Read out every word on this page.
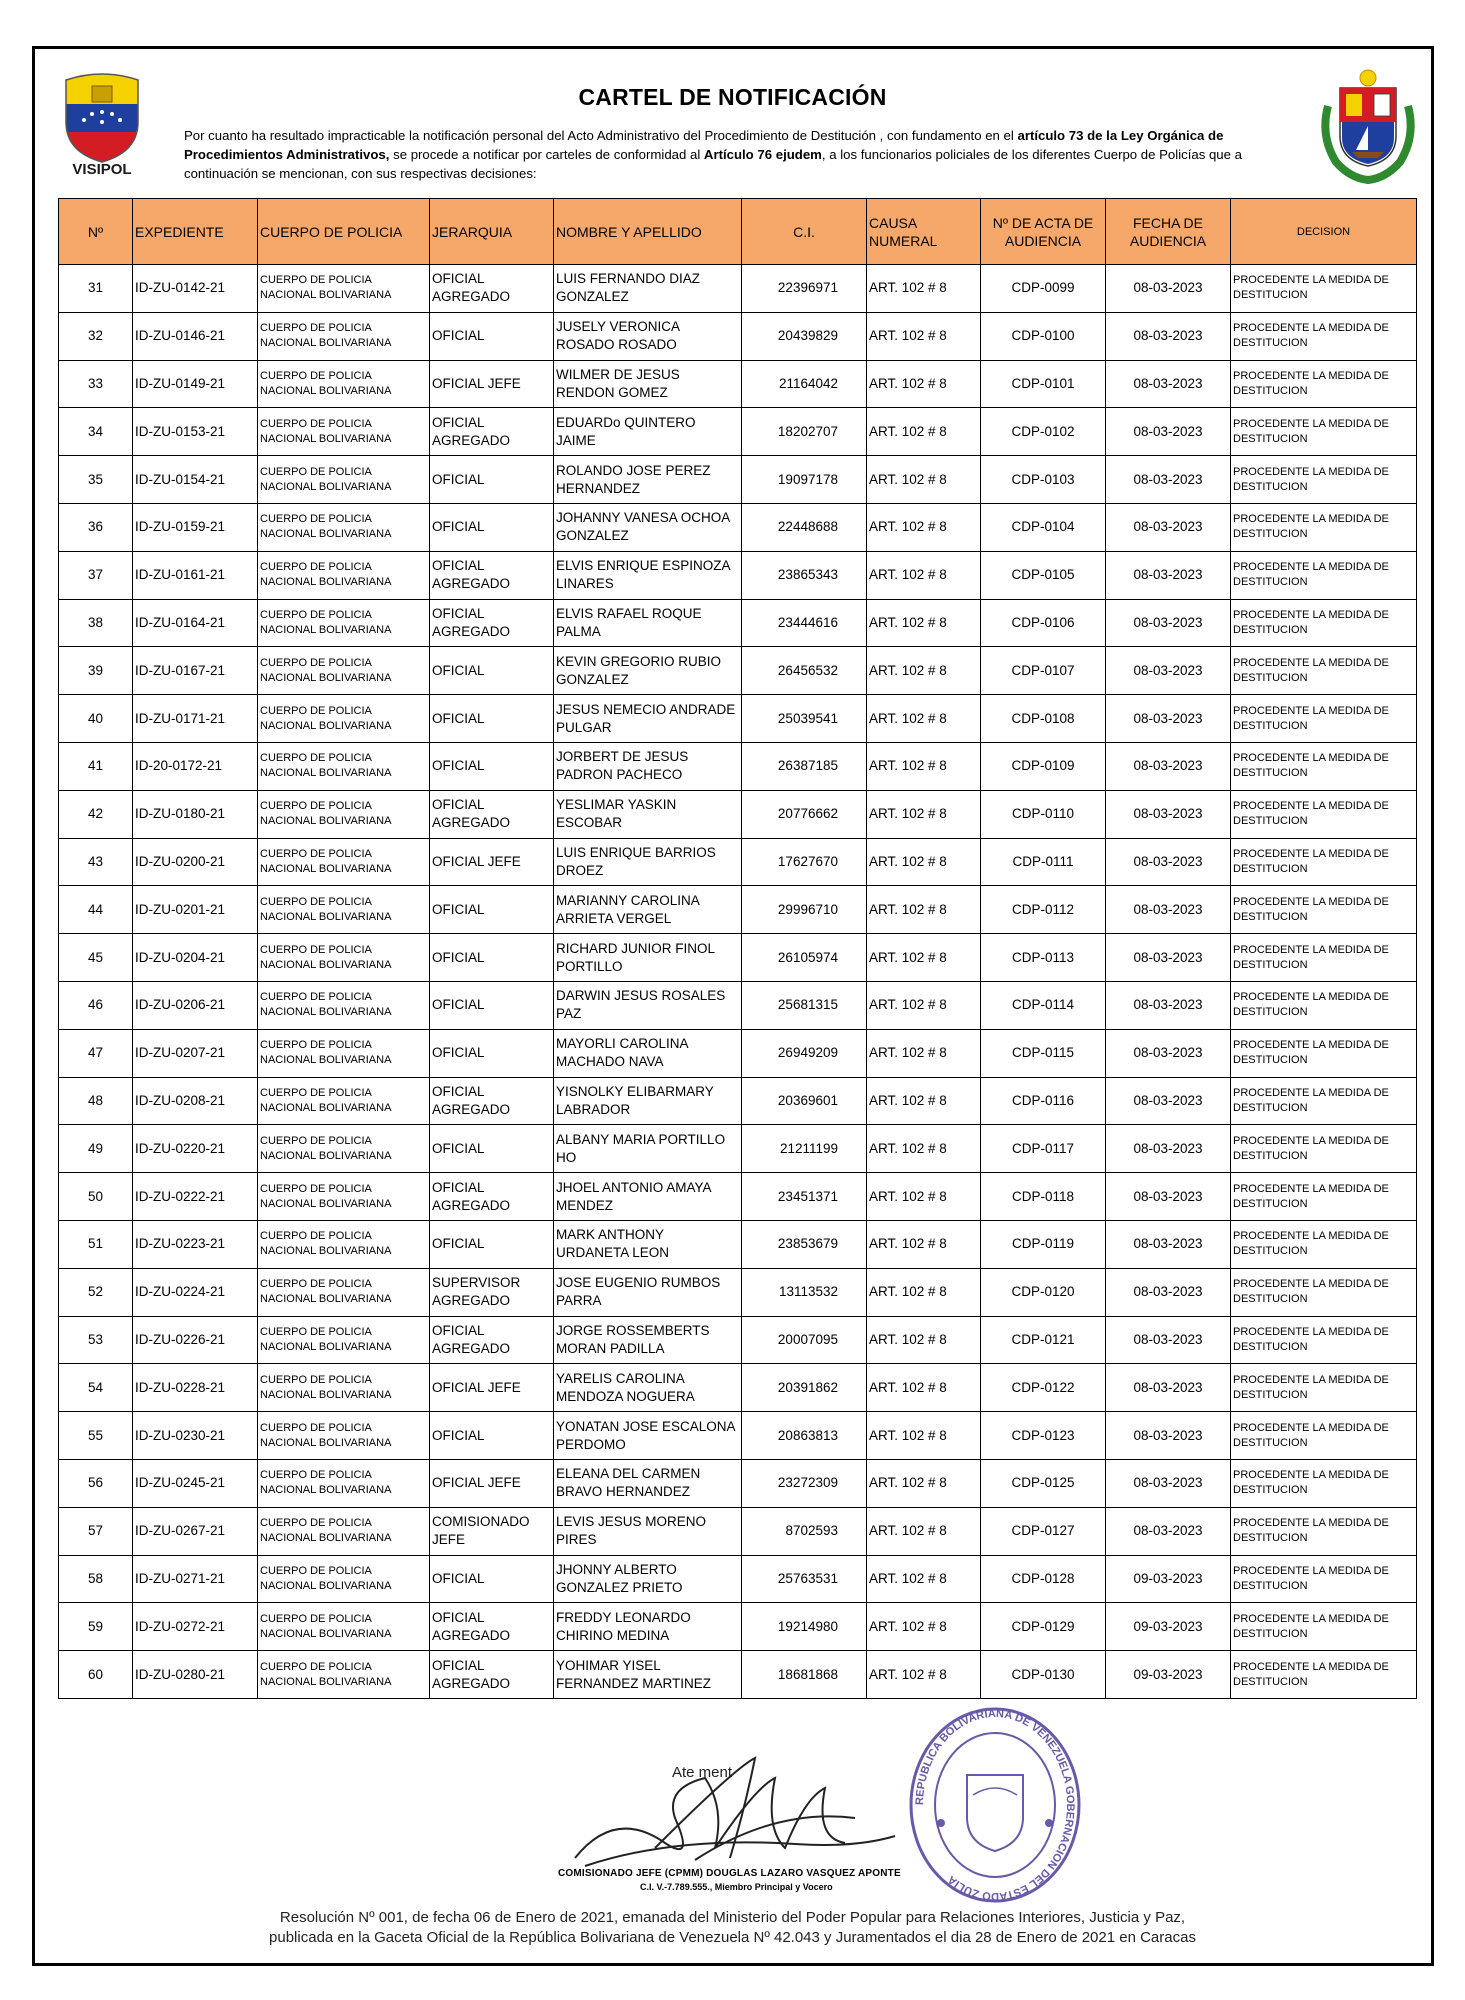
VISIPOL
CARTEL DE NOTIFICACIÓN
Por cuanto ha resultado impracticable la notificación personal del Acto Administrativo del Procedimiento de Destitución , con fundamento en el artículo 73 de la Ley Orgánica de Procedimientos Administrativos, se procede a notificar por carteles de conformidad al Artículo 76 ejudem, a los funcionarios policiales de los diferentes Cuerpo de Policías que a continuación se mencionan, con sus respectivas decisiones:
Nº	EXPEDIENTE	CUERPO DE POLICIA	JERARQUIA	NOMBRE Y APELLIDO	C.I.	CAUSA NUMERAL	Nº DE ACTA DE AUDIENCIA	FECHA DE AUDIENCIA	DECISION
31	ID-ZU-0142-21	CUERPO DE POLICIA NACIONAL BOLIVARIANA	OFICIAL AGREGADO	LUIS FERNANDO DIAZ GONZALEZ	22396971	ART. 102 # 8	CDP-0099	08-03-2023	PROCEDENTE LA MEDIDA DE DESTITUCION
32	ID-ZU-0146-21	CUERPO DE POLICIA NACIONAL BOLIVARIANA	OFICIAL	JUSELY VERONICA ROSADO ROSADO	20439829	ART. 102 # 8	CDP-0100	08-03-2023	PROCEDENTE LA MEDIDA DE DESTITUCION
33	ID-ZU-0149-21	CUERPO DE POLICIA NACIONAL BOLIVARIANA	OFICIAL JEFE	WILMER DE JESUS RENDON GOMEZ	21164042	ART. 102 # 8	CDP-0101	08-03-2023	PROCEDENTE LA MEDIDA DE DESTITUCION
34	ID-ZU-0153-21	CUERPO DE POLICIA NACIONAL BOLIVARIANA	OFICIAL AGREGADO	EDUARDo QUINTERO JAIME	18202707	ART. 102 # 8	CDP-0102	08-03-2023	PROCEDENTE LA MEDIDA DE DESTITUCION
35	ID-ZU-0154-21	CUERPO DE POLICIA NACIONAL BOLIVARIANA	OFICIAL	ROLANDO JOSE PEREZ HERNANDEZ	19097178	ART. 102 # 8	CDP-0103	08-03-2023	PROCEDENTE LA MEDIDA DE DESTITUCION
36	ID-ZU-0159-21	CUERPO DE POLICIA NACIONAL BOLIVARIANA	OFICIAL	JOHANNY VANESA OCHOA GONZALEZ	22448688	ART. 102 # 8	CDP-0104	08-03-2023	PROCEDENTE LA MEDIDA DE DESTITUCION
37	ID-ZU-0161-21	CUERPO DE POLICIA NACIONAL BOLIVARIANA	OFICIAL AGREGADO	ELVIS ENRIQUE ESPINOZA LINARES	23865343	ART. 102 # 8	CDP-0105	08-03-2023	PROCEDENTE LA MEDIDA DE DESTITUCION
38	ID-ZU-0164-21	CUERPO DE POLICIA NACIONAL BOLIVARIANA	OFICIAL AGREGADO	ELVIS RAFAEL ROQUE PALMA	23444616	ART. 102 # 8	CDP-0106	08-03-2023	PROCEDENTE LA MEDIDA DE DESTITUCION
39	ID-ZU-0167-21	CUERPO DE POLICIA NACIONAL BOLIVARIANA	OFICIAL	KEVIN GREGORIO RUBIO GONZALEZ	26456532	ART. 102 # 8	CDP-0107	08-03-2023	PROCEDENTE LA MEDIDA DE DESTITUCION
40	ID-ZU-0171-21	CUERPO DE POLICIA NACIONAL BOLIVARIANA	OFICIAL	JESUS NEMECIO ANDRADE PULGAR	25039541	ART. 102 # 8	CDP-0108	08-03-2023	PROCEDENTE LA MEDIDA DE DESTITUCION
41	ID-20-0172-21	CUERPO DE POLICIA NACIONAL BOLIVARIANA	OFICIAL	JORBERT DE JESUS PADRON PACHECO	26387185	ART. 102 # 8	CDP-0109	08-03-2023	PROCEDENTE LA MEDIDA DE DESTITUCION
42	ID-ZU-0180-21	CUERPO DE POLICIA NACIONAL BOLIVARIANA	OFICIAL AGREGADO	YESLIMAR YASKIN ESCOBAR	20776662	ART. 102 # 8	CDP-0110	08-03-2023	PROCEDENTE LA MEDIDA DE DESTITUCION
43	ID-ZU-0200-21	CUERPO DE POLICIA NACIONAL BOLIVARIANA	OFICIAL JEFE	LUIS ENRIQUE BARRIOS DROEZ	17627670	ART. 102 # 8	CDP-0111	08-03-2023	PROCEDENTE LA MEDIDA DE DESTITUCION
44	ID-ZU-0201-21	CUERPO DE POLICIA NACIONAL BOLIVARIANA	OFICIAL	MARIANNY CAROLINA ARRIETA VERGEL	29996710	ART. 102 # 8	CDP-0112	08-03-2023	PROCEDENTE LA MEDIDA DE DESTITUCION
45	ID-ZU-0204-21	CUERPO DE POLICIA NACIONAL BOLIVARIANA	OFICIAL	RICHARD JUNIOR FINOL PORTILLO	26105974	ART. 102 # 8	CDP-0113	08-03-2023	PROCEDENTE LA MEDIDA DE DESTITUCION
46	ID-ZU-0206-21	CUERPO DE POLICIA NACIONAL BOLIVARIANA	OFICIAL	DARWIN JESUS ROSALES PAZ	25681315	ART. 102 # 8	CDP-0114	08-03-2023	PROCEDENTE LA MEDIDA DE DESTITUCION
47	ID-ZU-0207-21	CUERPO DE POLICIA NACIONAL BOLIVARIANA	OFICIAL	MAYORLI CAROLINA MACHADO NAVA	26949209	ART. 102 # 8	CDP-0115	08-03-2023	PROCEDENTE LA MEDIDA DE DESTITUCION
48	ID-ZU-0208-21	CUERPO DE POLICIA NACIONAL BOLIVARIANA	OFICIAL AGREGADO	YISNOLKY ELIBARMARY LABRADOR	20369601	ART. 102 # 8	CDP-0116	08-03-2023	PROCEDENTE LA MEDIDA DE DESTITUCION
49	ID-ZU-0220-21	CUERPO DE POLICIA NACIONAL BOLIVARIANA	OFICIAL	ALBANY MARIA PORTILLO HO	21211199	ART. 102 # 8	CDP-0117	08-03-2023	PROCEDENTE LA MEDIDA DE DESTITUCION
50	ID-ZU-0222-21	CUERPO DE POLICIA NACIONAL BOLIVARIANA	OFICIAL AGREGADO	JHOEL ANTONIO AMAYA MENDEZ	23451371	ART. 102 # 8	CDP-0118	08-03-2023	PROCEDENTE LA MEDIDA DE DESTITUCION
51	ID-ZU-0223-21	CUERPO DE POLICIA NACIONAL BOLIVARIANA	OFICIAL	MARK ANTHONY URDANETA LEON	23853679	ART. 102 # 8	CDP-0119	08-03-2023	PROCEDENTE LA MEDIDA DE DESTITUCION
52	ID-ZU-0224-21	CUERPO DE POLICIA NACIONAL BOLIVARIANA	SUPERVISOR AGREGADO	JOSE EUGENIO RUMBOS PARRA	13113532	ART. 102 # 8	CDP-0120	08-03-2023	PROCEDENTE LA MEDIDA DE DESTITUCION
53	ID-ZU-0226-21	CUERPO DE POLICIA NACIONAL BOLIVARIANA	OFICIAL AGREGADO	JORGE ROSSEMBERTS MORAN PADILLA	20007095	ART. 102 # 8	CDP-0121	08-03-2023	PROCEDENTE LA MEDIDA DE DESTITUCION
54	ID-ZU-0228-21	CUERPO DE POLICIA NACIONAL BOLIVARIANA	OFICIAL JEFE	YARELIS CAROLINA MENDOZA NOGUERA	20391862	ART. 102 # 8	CDP-0122	08-03-2023	PROCEDENTE LA MEDIDA DE DESTITUCION
55	ID-ZU-0230-21	CUERPO DE POLICIA NACIONAL BOLIVARIANA	OFICIAL	YONATAN JOSE ESCALONA PERDOMO	20863813	ART. 102 # 8	CDP-0123	08-03-2023	PROCEDENTE LA MEDIDA DE DESTITUCION
56	ID-ZU-0245-21	CUERPO DE POLICIA NACIONAL BOLIVARIANA	OFICIAL JEFE	ELEANA DEL CARMEN BRAVO HERNANDEZ	23272309	ART. 102 # 8	CDP-0125	08-03-2023	PROCEDENTE LA MEDIDA DE DESTITUCION
57	ID-ZU-0267-21	CUERPO DE POLICIA NACIONAL BOLIVARIANA	COMISIONADO JEFE	LEVIS JESUS MORENO PIRES	8702593	ART. 102 # 8	CDP-0127	08-03-2023	PROCEDENTE LA MEDIDA DE DESTITUCION
58	ID-ZU-0271-21	CUERPO DE POLICIA NACIONAL BOLIVARIANA	OFICIAL	JHONNY ALBERTO GONZALEZ PRIETO	25763531	ART. 102 # 8	CDP-0128	09-03-2023	PROCEDENTE LA MEDIDA DE DESTITUCION
59	ID-ZU-0272-21	CUERPO DE POLICIA NACIONAL BOLIVARIANA	OFICIAL AGREGADO	FREDDY LEONARDO CHIRINO MEDINA	19214980	ART. 102 # 8	CDP-0129	09-03-2023	PROCEDENTE LA MEDIDA DE DESTITUCION
60	ID-ZU-0280-21	CUERPO DE POLICIA NACIONAL BOLIVARIANA	OFICIAL AGREGADO	YOHIMAR YISEL FERNANDEZ MARTINEZ	18681868	ART. 102 # 8	CDP-0130	09-03-2023	PROCEDENTE LA MEDIDA DE DESTITUCION
Ate ment
COMISIONADO JEFE (CPMM) DOUGLAS LAZARO VASQUEZ APONTE
C.I. V.-7.789.555., Miembro Principal y Vocero
REPUBLICA BOLIVARIANA DE VENEZUELA GOBERNACION DEL ESTADO ZULIA
Resolución Nº 001, de fecha 06 de Enero de 2021, emanada del Ministerio del Poder Popular para Relaciones Interiores, Justicia y Paz,
publicada en la Gaceta Oficial de la República Bolivariana de Venezuela Nº 42.043 y Juramentados el dia 28 de Enero de 2021 en Caracas
